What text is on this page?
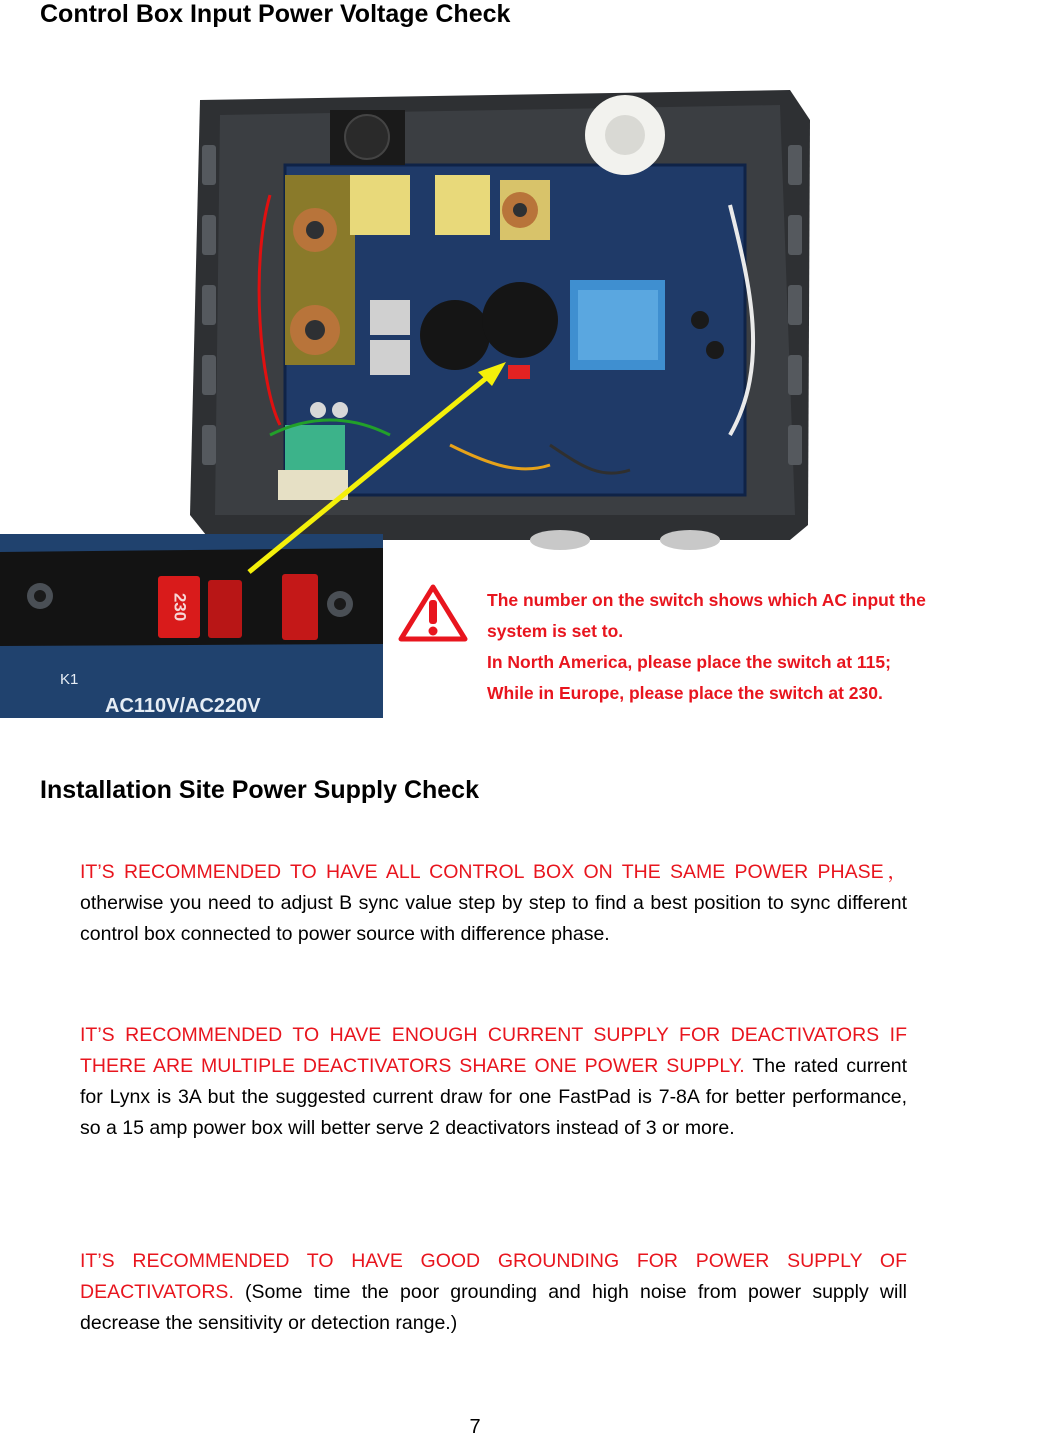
Control Box Input Power Voltage Check
230
K1
AC110V/AC220V
The number on the switch shows which AC input the
system is set to.
In North America, please place the switch at 115;
While in Europe, please place the switch at 230.
Installation Site Power Supply Check
IT’S RECOMMENDED TO HAVE ALL CONTROL BOX ON THE SAME POWER PHASE，otherwise you need to adjust B sync value step by step to find a best position to sync different control box connected to power source with difference phase.
IT’S RECOMMENDED TO HAVE ENOUGH CURRENT SUPPLY FOR DEACTIVATORS IF THERE ARE MULTIPLE DEACTIVATORS SHARE ONE POWER SUPPLY. The rated current for Lynx is 3A but the suggested current draw for one FastPad is 7-8A for better performance, so a 15 amp power box will better serve 2 deactivators instead of 3 or more.
IT’S RECOMMENDED TO HAVE GOOD GROUNDING FOR POWER SUPPLY OF DEACTIVATORS. (Some time the poor grounding and high noise from power supply will decrease the sensitivity or detection range.)
7
